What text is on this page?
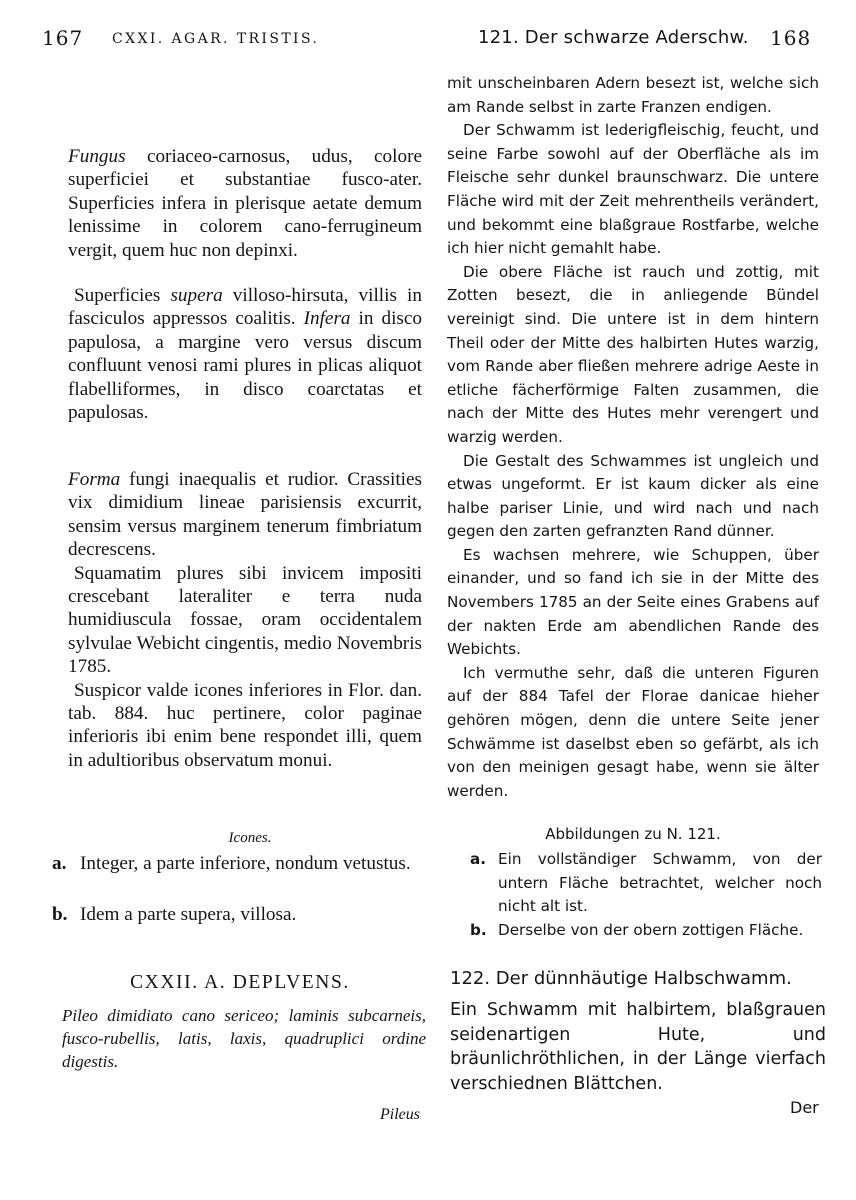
167 CXXI. AGAR. TRISTIS.

Fungus coriaceo-carnosus, udus, colore superficiei et substantiae fusco-ater. Superficies infera in plerisque aetate demum lenissime in colorem cano-ferrugineum vergit, quem huc non depinxi.

Superficies supera villoso-hirsuta, villis in fasciculos appressos coalitis. Infera in disco papulosa, a margine vero versus discum confluunt venosi rami plures in plicas aliquot flabelliformes, in disco coarctatas et papulosas.

Forma fungi inaequalis et rudior. Crassities vix dimidium lineae parisiensis excurrit, sensim versus marginem tenerum fimbriatum decrescens.

Squamatim plures sibi invicem impositi crescebant lateraliter e terra nuda humidiuscula fossae, oram occidentalem sylvulae Webicht cingentis, medio Novembris 1785.

Suspicor valde icones inferiores in Flor. dan. tab. 884. huc pertinere, color paginae inferioris ibi enim bene respondet illi, quem in adultioribus observatum monui.

Icones.
a. Integer, a parte inferiore, nondum vetustus.
b. Idem a parte supera, villosa.
CXXII. A. DEPLVENS.
Pileo dimidiato cano sericeo; laminis subcarneis, fusco-rubellis, latis, laxis, quadruplici ordine digestis.
Pileus
121. Der schwarze Aderschw. 168

mit unscheinbaren Adern besezt ist, welche sich am Rande selbst in zarte Franzen endigen.

Der Schwamm ist lederigfleischig, feucht, und seine Farbe sowohl auf der Oberfläche als im Fleische sehr dunkel braunschwarz. Die untere Fläche wird mit der Zeit mehrentheils verändert, und bekommt eine blaßgraue Rostfarbe, welche ich hier nicht gemahlt habe.

Die obere Fläche ist rauch und zottig, mit Zotten besezt, die in anliegende Bündel vereinigt sind. Die untere ist in dem hintern Theil oder der Mitte des halbirten Hutes warzig, vom Rande aber fließen mehrere adrige Aeste in etliche fächerförmige Falten zusammen, die nach der Mitte des Hutes mehr verengert und warzig werden.

Die Gestalt des Schwammes ist ungleich und etwas ungeformt. Er ist kaum dicker als eine halbe pariser Linie, und wird nach und nach gegen den zarten gefranzten Rand dünner.

Es wachsen mehrere, wie Schuppen, über einander, und so fand ich sie in der Mitte des Novembers 1785 an der Seite eines Grabens auf der nakten Erde am abendlichen Rande des Webichts.

Ich vermuthe sehr, daß die unteren Figuren auf der 884 Tafel der Florae danicae hieher gehören mögen, denn die untere Seite jener Schwämme ist daselbst eben so gefärbt, als ich von den meinigen gesagt habe, wenn sie älter werden.

Abbildungen zu N. 121.
a. Ein vollständiger Schwamm, von der untern Fläche betrachtet, welcher noch nicht alt ist.
b. Derselbe von der obern zottigen Fläche.
122. Der dünnhäutige Halbschwamm.
Ein Schwamm mit halbirtem, blaßgrauen seidenartigen Hute, und bräunlichröthlichen, in der Länge vierfach verschiednen Blättchen.
Der
